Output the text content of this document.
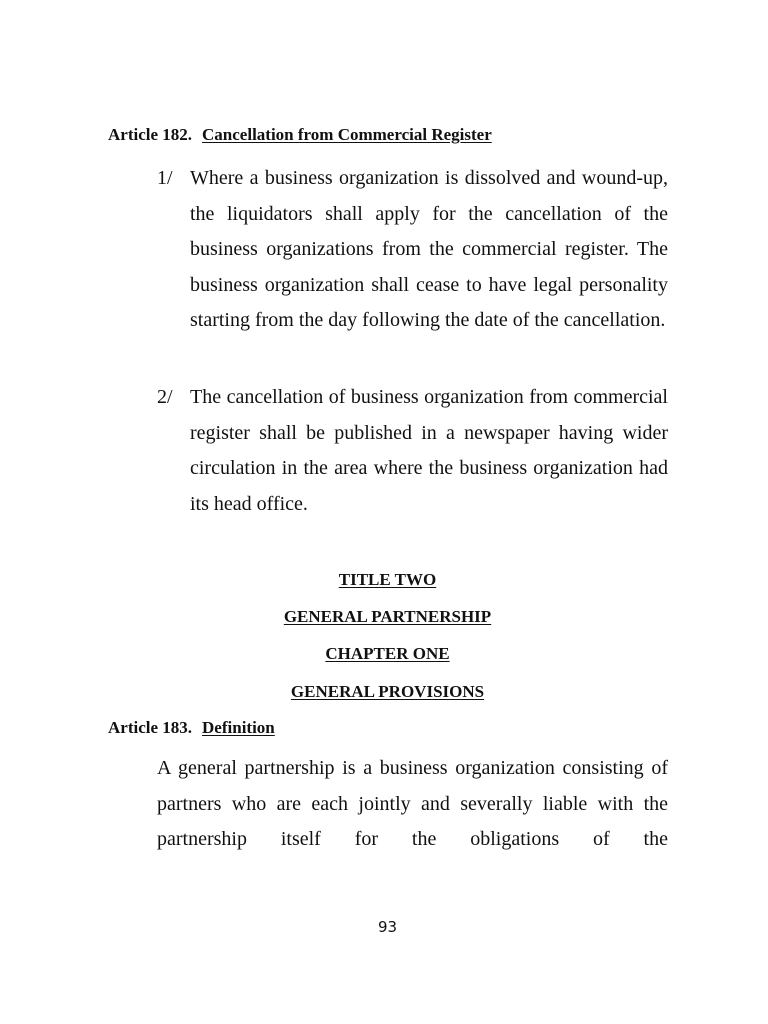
Article 182. Cancellation from Commercial Register
1/ Where a business organization is dissolved and wound-up, the liquidators shall apply for the cancellation of the business organizations from the commercial register. The business organization shall cease to have legal personality starting from the day following the date of the cancellation.
2/ The cancellation of business organization from commercial register shall be published in a newspaper having wider circulation in the area where the business organization had its head office.
TITLE TWO
GENERAL PARTNERSHIP
CHAPTER ONE
GENERAL PROVISIONS
Article 183. Definition
A general partnership is a business organization consisting of partners who are each jointly and severally liable with the partnership itself for the obligations of the
93
